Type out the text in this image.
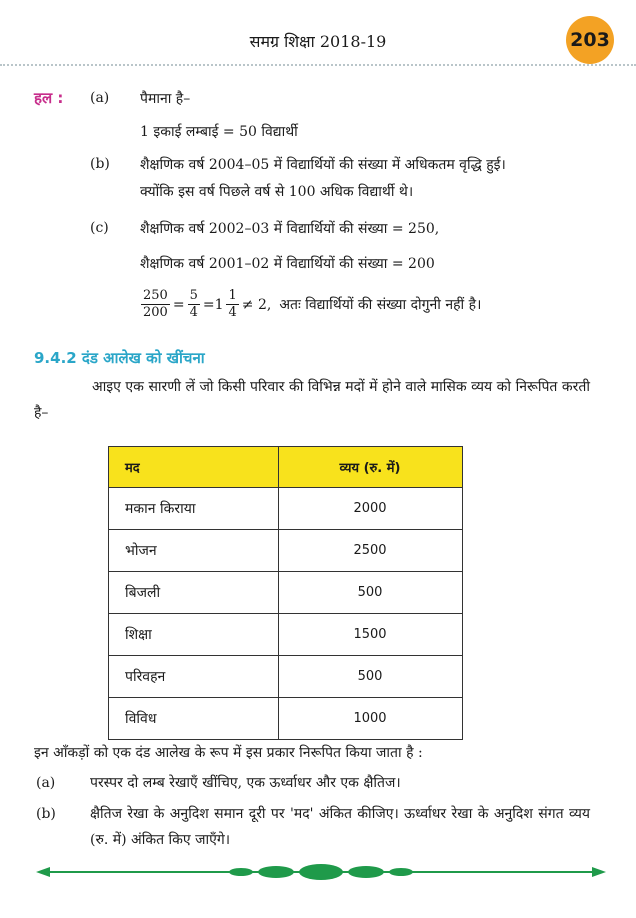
समग्र शिक्षा 2018-19	203
हल : (a) पैमाना है–
1 इकाई लम्बाई = 50 विद्यार्थी
(b) शैक्षणिक वर्ष 2004–05 में विद्यार्थियों की संख्या में अधिकतम वृद्धि हुई।
क्योंकि इस वर्ष पिछले वर्ष से 100 अधिक विद्यार्थी थे।
(c) शैक्षणिक वर्ष 2002–03 में विद्यार्थियों की संख्या = 250,
शैक्षणिक वर्ष 2001–02 में विद्यार्थियों की संख्या = 200
$\frac{250}{200} = \frac{5}{4} =1 \frac{1}{4} \ne 2$, अतः विद्यार्थियों की संख्या दोगुनी नहीं है।
9.4.2 दंड आलेख को खींचना
आइए एक सारणी लें जो किसी परिवार की विभिन्न मदों में होने वाले मासिक व्यय को निरूपित करती है–
मद	व्यय (रु. में)
मकान किराया	2000
भोजन	2500
बिजली	500
शिक्षा	1500
परिवहन	500
विविध	1000
इन आँकड़ों को एक दंड आलेख के रूप में इस प्रकार निरूपित किया जाता है :
(a) परस्पर दो लम्ब रेखाएँ खींचिए, एक ऊर्ध्वाधर और एक क्षैतिज।
(b) क्षैतिज रेखा के अनुदिश समान दूरी पर 'मद' अंकित कीजिए। ऊर्ध्वाधर रेखा के अनुदिश संगत व्यय (रु. में) अंकित किए जाएँगे।
